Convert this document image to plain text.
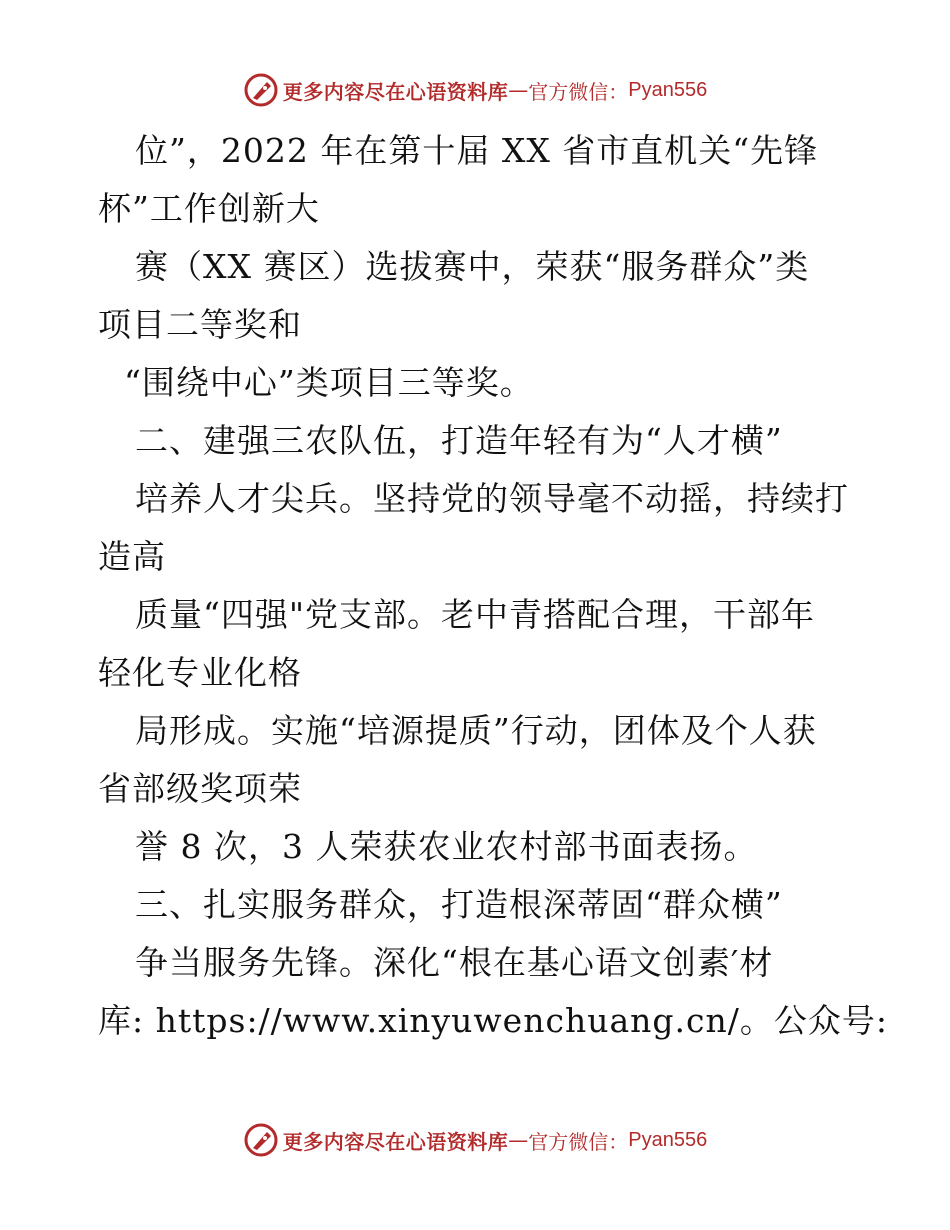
更多内容尽在心语资料库 — 官方微信： Pyan556
位”，2022 年在第十届 XX 省市直机关“先锋
杯”工作创新大
赛（XX 赛区）选拔赛中，荣获“服务群众”类
项目二等奖和
“围绕中心”类项目三等奖。
二、建强三农队伍，打造年轻有为“人才横”
培养人才尖兵。坚持党的领导毫不动摇，持续打
造高
质量“四强"党支部。老中青搭配合理，干部年
轻化专业化格
局形成。实施“培源提质”行动，团体及个人获
省部级奖项荣
誉 8 次，3 人荣获农业农村部书面表扬。
三、扎实服务群众，打造根深蒂固“群众横”
争当服务先锋。深化“根在基心语文创素′材
库: https://www.xinyuwenchuang.cn/。公众号:
更多内容尽在心语资料库 — 官方微信： Pyan556
